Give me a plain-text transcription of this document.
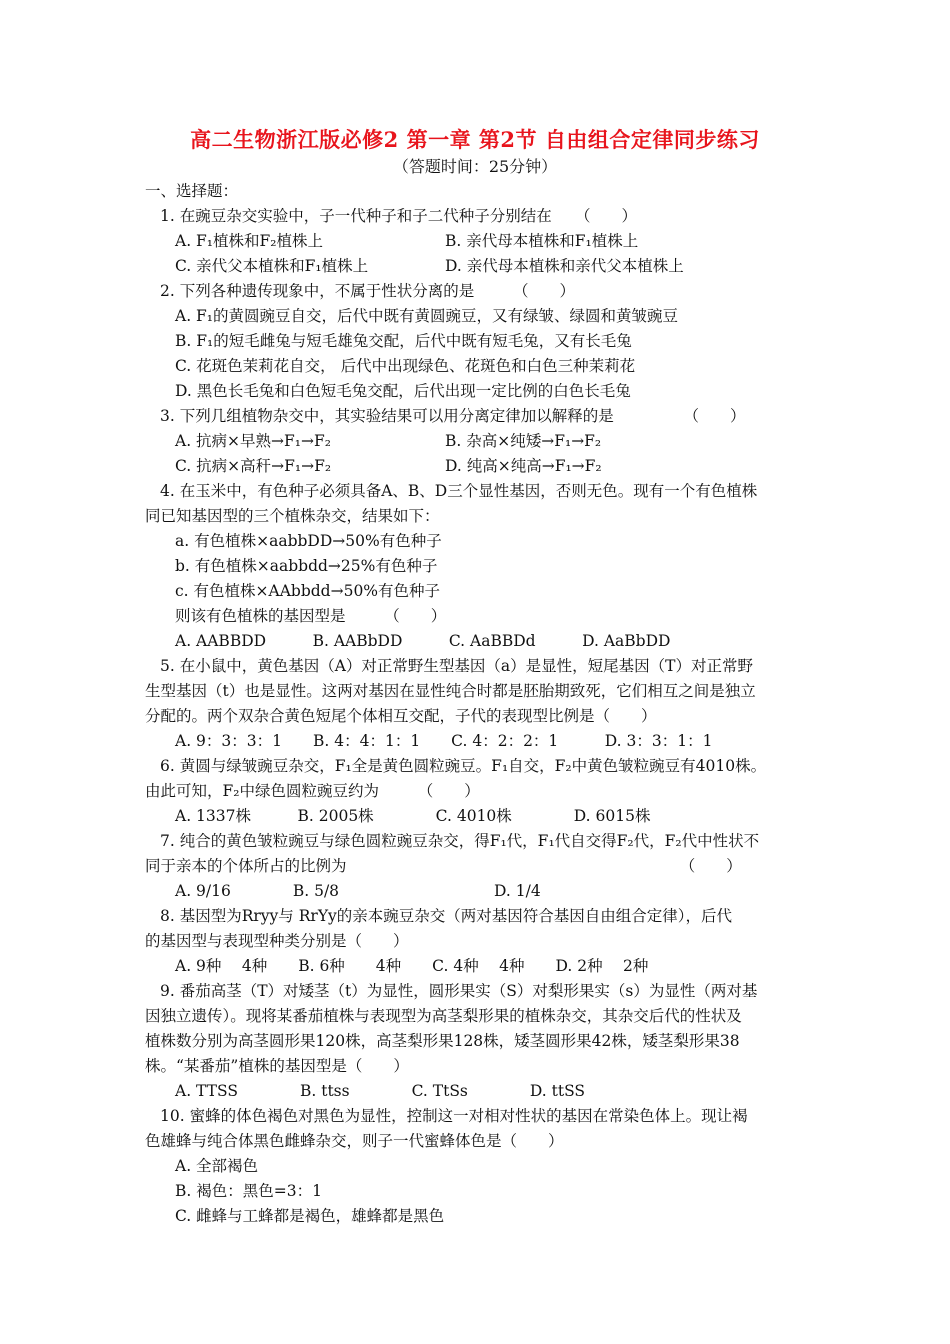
高二生物浙江版必修2 第一章 第2节 自由组合定律同步练习
（答题时间：25分钟）
一、选择题：
1. 在豌豆杂交实验中，子一代种子和子二代种子分别结在　　（　　）
A. F₁植株和F₂植株上	B. 亲代母本植株和F₁植株上
C. 亲代父本植株和F₁植株上	D. 亲代母本植株和亲代父本植株上
2. 下列各种遗传现象中，不属于性状分离的是　　　（　　）
A. F₁的黄圆豌豆自交，后代中既有黄圆豌豆，又有绿皱、绿圆和黄皱豌豆
B. F₁的短毛雌兔与短毛雄兔交配，后代中既有短毛兔，又有长毛兔
C. 花斑色茉莉花自交， 后代中出现绿色、花斑色和白色三种茉莉花
D. 黑色长毛兔和白色短毛兔交配，后代出现一定比例的白色长毛兔
3. 下列几组植物杂交中，其实验结果可以用分离定律加以解释的是　　　　　（　　）
A. 抗病×早熟→F₁→F₂	B. 杂高×纯矮→F₁→F₂
C. 抗病×高秆→F₁→F₂	D. 纯高×纯高→F₁→F₂
4. 在玉米中，有色种子必须具备A、B、D三个显性基因，否则无色。现有一个有色植株
同已知基因型的三个植株杂交，结果如下：
a. 有色植株×aabbDD→50%有色种子
b. 有色植株×aabbdd→25%有色种子
c. 有色植株×AAbbdd→50%有色种子
则该有色植株的基因型是　　　（　　）
A. AABBDD　　　B. AABbDD　　　C. AaBBDd　　　D. AaBbDD
5. 在小鼠中，黄色基因（A）对正常野生型基因（a）是显性，短尾基因（T）对正常野
生型基因（t）也是显性。这两对基因在显性纯合时都是胚胎期致死，它们相互之间是独立
分配的。两个双杂合黄色短尾个体相互交配，子代的表现型比例是（　　）
A. 9：3：3：1　　B. 4：4：1：1　　C. 4：2：2：1　　　D. 3：3：1：1
6. 黄圆与绿皱豌豆杂交，F₁全是黄色圆粒豌豆。F₁自交，F₂中黄色皱粒豌豆有4010株。
由此可知，F₂中绿色圆粒豌豆约为　　　（　　）
A. 1337株　　　B. 2005株　　　　C. 4010株　　　　D. 6015株
7. 纯合的黄色皱粒豌豆与绿色圆粒豌豆杂交，得F₁代，F₁代自交得F₂代，F₂代中性状不
同于亲本的个体所占的比例为　　　　　　　　　　　　　　　　　　　　　　（　　）
A. 9/16　　　　B. 5/8　　　　　　　　　　D. 1/4
8. 基因型为Rryy与 RrYy的亲本豌豆杂交（两对基因符合基因自由组合定律），后代
的基因型与表现型种类分别是（　　）
A. 9种　 4种　　B. 6种　　4种　　C. 4种　 4种　　D. 2种　 2种
9. 番茄高茎（T）对矮茎（t）为显性，圆形果实（S）对梨形果实（s）为显性（两对基
因独立遗传）。现将某番茄植株与表现型为高茎梨形果的植株杂交，其杂交后代的性状及
植株数分别为高茎圆形果120株，高茎梨形果128株，矮茎圆形果42株，矮茎梨形果38
株。“某番茄”植株的基因型是（　　）
A. TTSS　　　　B. ttss　　　　C. TtSs　　　　D. ttSS
10. 蜜蜂的体色褐色对黑色为显性，控制这一对相对性状的基因在常染色体上。现让褐
色雄蜂与纯合体黑色雌蜂杂交，则子一代蜜蜂体色是（　　）
A. 全部褐色
B. 褐色：黑色=3：1
C. 雌蜂与工蜂都是褐色，雄蜂都是黑色
